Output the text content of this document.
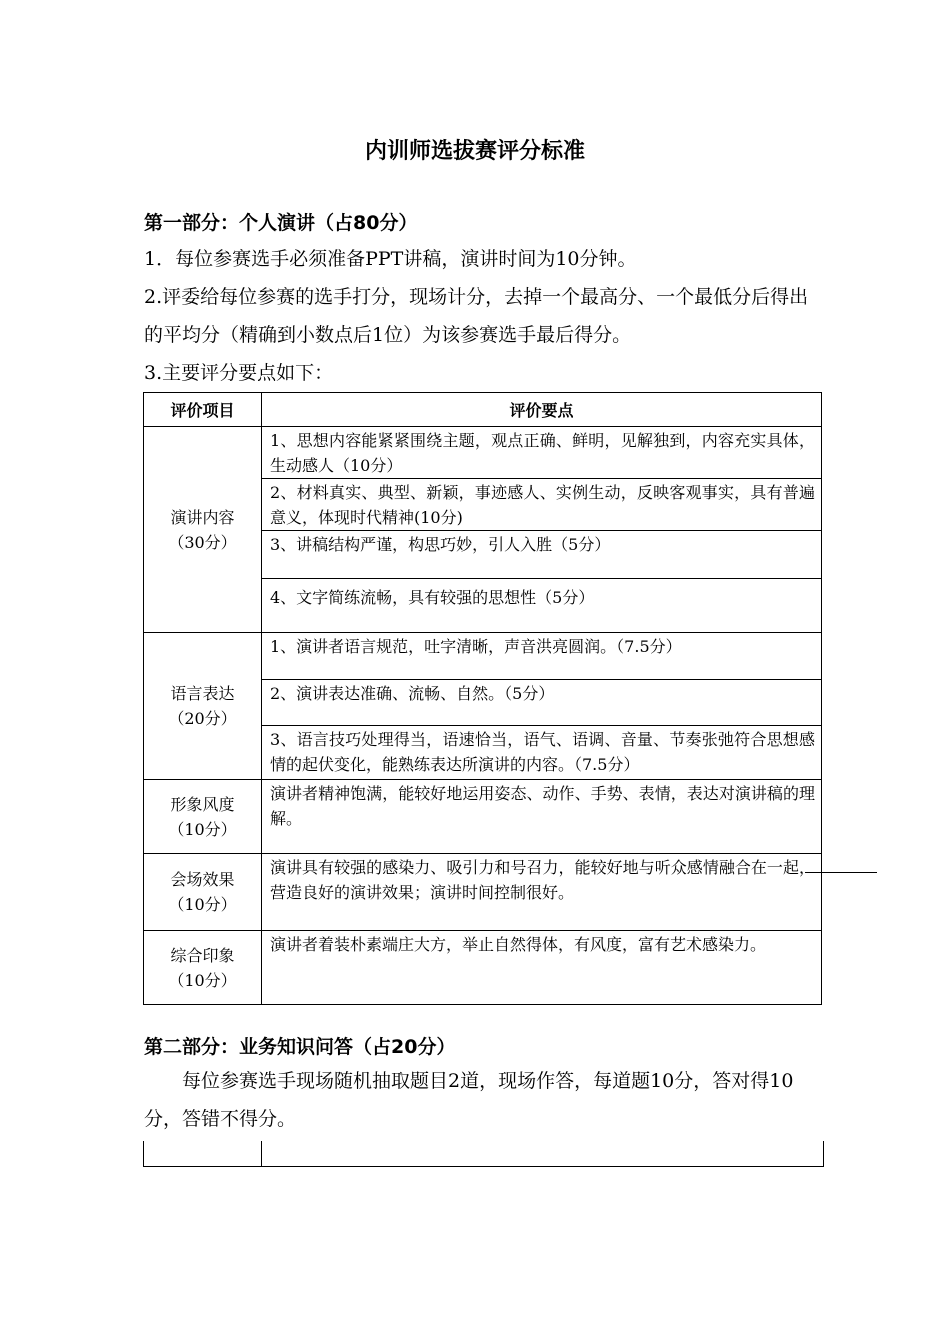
内训师选拔赛评分标准
第一部分：个人演讲（占80分）
1．每位参赛选手必须准备PPT讲稿，演讲时间为10分钟。
2.评委给每位参赛的选手打分，现场计分，去掉一个最高分、一个最低分后得出的平均分（精确到小数点后1位）为该参赛选手最后得分。
3.主要评分要点如下：
评价项目	评价要点

演讲内容
（30分）	1、思想内容能紧紧围绕主题，观点正确、鲜明，见解独到，内容充实具体，生动感人（10分）
	2、材料真实、典型、新颖，事迹感人、实例生动，反映客观事实，具有普遍意义，体现时代精神(10分)
	3、讲稿结构严谨，构思巧妙，引人入胜（5分）
	4、文字简练流畅，具有较强的思想性（5分）

语言表达
（20分）	1、演讲者语言规范，吐字清晰，声音洪亮圆润。（7.5分）
	2、演讲表达准确、流畅、自然。（5分）
	3、语言技巧处理得当，语速恰当，语气、语调、音量、节奏张弛符合思想感情的起伏变化，能熟练表达所演讲的内容。（7.5分）

形象风度
（10分）	演讲者精神饱满，能较好地运用姿态、动作、手势、表情，表达对演讲稿的理解。

会场效果
（10分）	演讲具有较强的感染力、吸引力和号召力，能较好地与听众感情融合在一起，营造良好的演讲效果；演讲时间控制很好。

综合印象
（10分）	演讲者着装朴素端庄大方，举止自然得体，有风度，富有艺术感染力。
第二部分：业务知识问答（占20分）
每位参赛选手现场随机抽取题目2道，现场作答，每道题10分，答对得10分，答错不得分。
